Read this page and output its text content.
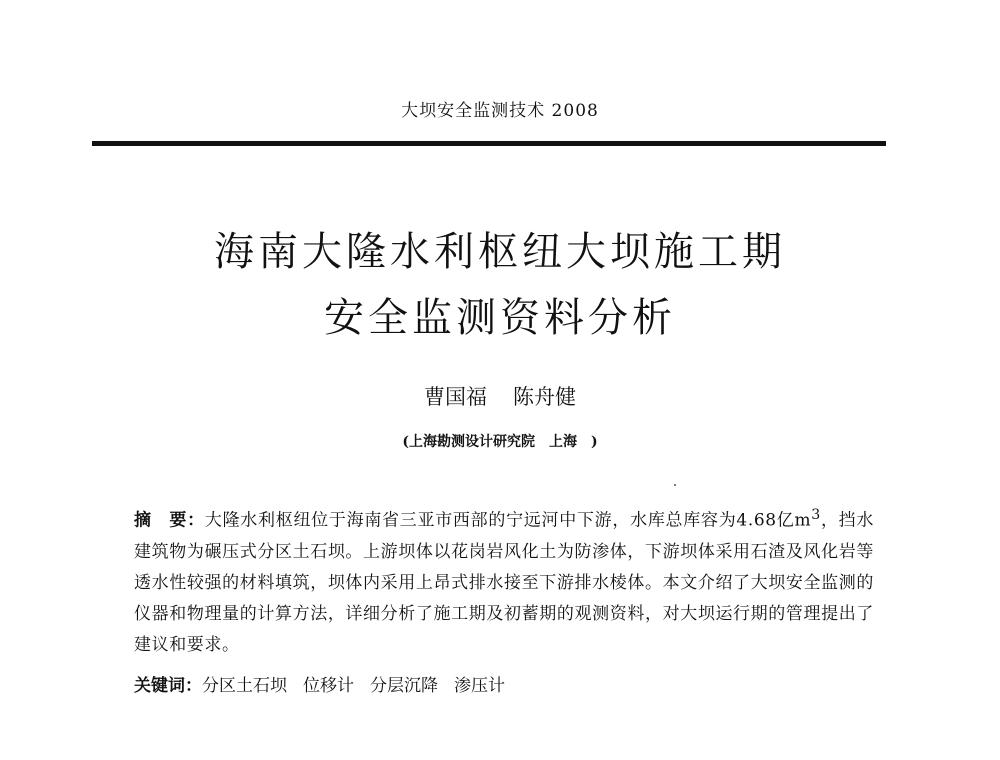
大坝安全监测技术 2008
海南大隆水利枢纽大坝施工期
安全监测资料分析
曹国福 陈舟健
(上海勘测设计研究院　上海　)

摘　要：大隆水利枢纽位于海南省三亚市西部的宁远河中下游，水库总库容为4.68亿$m^3$，挡水建筑物为碾压式分区土石坝。上游坝体以花岗岩风化土为防渗体，下游坝体采用石渣及风化岩等透水性较强的材料填筑，坝体内采用上昂式排水接至下游排水棱体。本文介绍了大坝安全监测的仪器和物理量的计算方法，详细分析了施工期及初蓄期的观测资料，对大坝运行期的管理提出了建议和要求。

关键词：分区土石坝 位移计 分层沉降 渗压计
